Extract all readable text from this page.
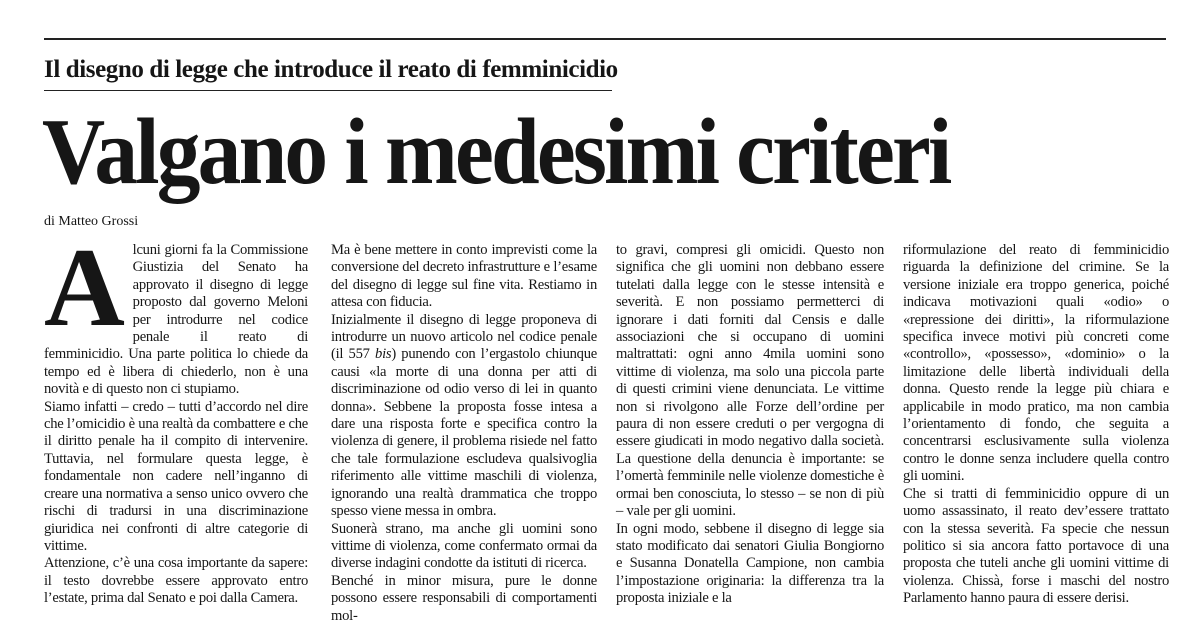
Il disegno di legge che introduce il reato di femminicidio
Valgano i medesimi criteri
di Matteo Grossi
A lcuni giorni fa la Commissione Giustizia del Senato ha approvato il disegno di legge proposto dal governo Meloni per introdurre nel codice penale il reato di femminicidio. Una parte politica lo chiede da tempo ed è libera di chiederlo, non è una novità e di questo non ci stupiamo.

Siamo infatti – credo – tutti d’accordo nel dire che l’omicidio è una realtà da combattere e che il diritto penale ha il compito di intervenire. Tuttavia, nel formulare questa legge, è fondamentale non cadere nell’inganno di creare una normativa a senso unico ovvero che rischi di tradursi in una discriminazione giuridica nei confronti di altre categorie di vittime.

Attenzione, c’è una cosa importante da sapere: il testo dovrebbe essere approvato entro l’estate, prima dal Senato e poi dalla Camera.

Ma è bene mettere in conto imprevisti come la conversione del decreto infrastrutture e l’esame del disegno di legge sul fine vita. Restiamo in attesa con fiducia.

Inizialmente il disegno di legge proponeva di introdurre un nuovo articolo nel codice penale (il 557 bis) punendo con l’ergastolo chiunque causi «la morte di una donna per atti di discriminazione od odio verso di lei in quanto donna». Sebbene la proposta fosse intesa a dare una risposta forte e specifica contro la violenza di genere, il problema risiede nel fatto che tale formulazione escludeva qualsivoglia riferimento alle vittime maschili di violenza, ignorando una realtà drammatica che troppo spesso viene messa in ombra.

Suonerà strano, ma anche gli uomini sono vittime di violenza, come confermato ormai da diverse indagini condotte da istituti di ricerca.

Benché in minor misura, pure le donne possono essere responsabili di comportamenti mol-

to gravi, compresi gli omicidi. Questo non significa che gli uomini non debbano essere tutelati dalla legge con le stesse intensità e severità. E non possiamo permetterci di ignorare i dati forniti dal Censis e dalle associazioni che si occupano di uomini maltrattati: ogni anno 4mila uomini sono vittime di violenza, ma solo una piccola parte di questi crimini viene denunciata. Le vittime non si rivolgono alle Forze dell’ordine per paura di non essere creduti o per vergogna di essere giudicati in modo negativo dalla società. La questione della denuncia è importante: se l’omertà femminile nelle violenze domestiche è ormai ben conosciuta, lo stesso – se non di più – vale per gli uomini.

In ogni modo, sebbene il disegno di legge sia stato modificato dai senatori Giulia Bongiorno e Susanna Donatella Campione, non cambia l’impostazione originaria: la differenza tra la proposta iniziale e la

riformulazione del reato di femminicidio riguarda la definizione del crimine. Se la versione iniziale era troppo generica, poiché indicava motivazioni quali «odio» o «repressione dei diritti», la riformulazione specifica invece motivi più concreti come «controllo», «possesso», «dominio» o la limitazione delle libertà individuali della donna. Questo rende la legge più chiara e applicabile in modo pratico, ma non cambia l’orientamento di fondo, che seguita a concentrarsi esclusivamente sulla violenza contro le donne senza includere quella contro gli uomini.

Che si tratti di femminicidio oppure di un uomo assassinato, il reato dev’essere trattato con la stessa severità. Fa specie che nessun politico si sia ancora fatto portavoce di una proposta che tuteli anche gli uomini vittime di violenza. Chissà, forse i maschi del nostro Parlamento hanno paura di essere derisi.
